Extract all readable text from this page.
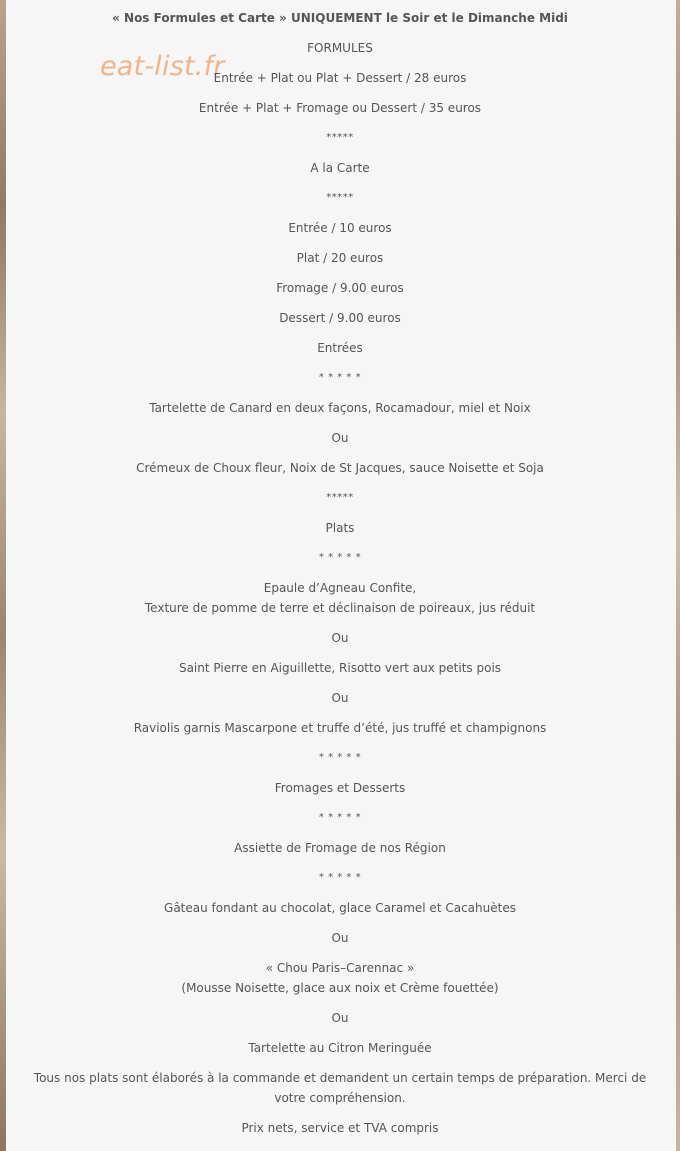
eat-list.fr

« Nos Formules et Carte » UNIQUEMENT le Soir et le Dimanche Midi

FORMULES

Entrée + Plat ou Plat + Dessert / 28 euros

Entrée + Plat + Fromage ou Dessert / 35 euros

*****

A la Carte

*****

Entrée / 10 euros

Plat / 20 euros

Fromage / 9.00 euros

Dessert / 9.00 euros

Entrées

* * * * *

Tartelette de Canard en deux façons, Rocamadour, miel et Noix

Ou

Crémeux de Choux fleur, Noix de St Jacques, sauce Noisette et Soja

*****

Plats

* * * * *

Epaule d’Agneau Confite,
Texture de pomme de terre et déclinaison de poireaux, jus réduit

Ou

Saint Pierre en Aiguillette, Risotto vert aux petits pois

Ou

Raviolis garnis Mascarpone et truffe d’été, jus truffé et champignons

* * * * *

Fromages et Desserts

* * * * *

Assiette de Fromage de nos Région

* * * * *

Gâteau fondant au chocolat, glace Caramel et Cacahuètes

Ou

« Chou Paris–Carennac »
(Mousse Noisette, glace aux noix et Crème fouettée)

Ou

Tartelette au Citron Meringuée

Tous nos plats sont élaborés à la commande et demandent un certain temps de préparation. Merci de votre compréhension.

Prix nets, service et TVA compris
